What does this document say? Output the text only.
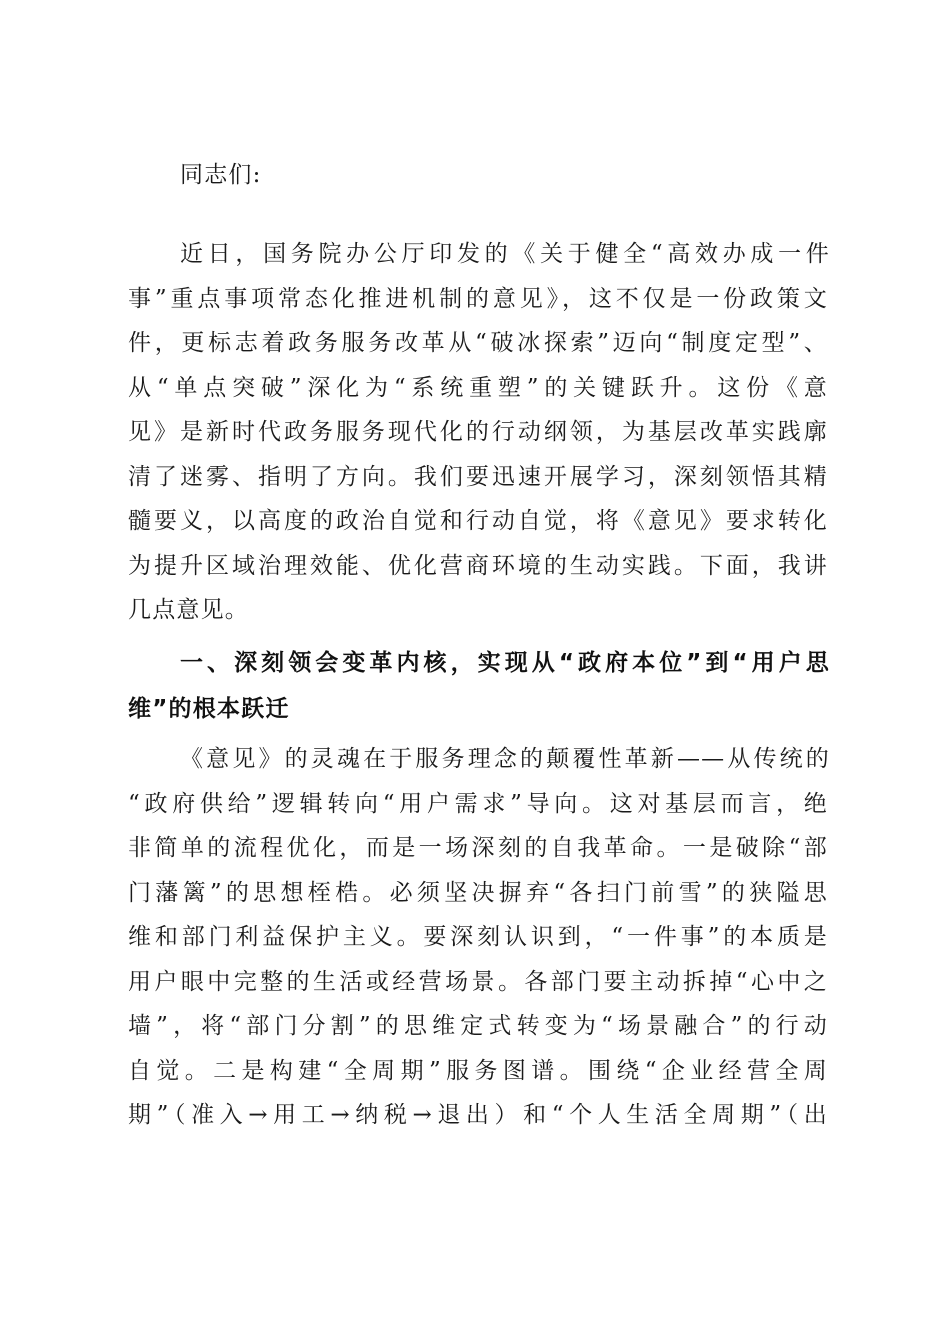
同志们:
近日，国务院办公厅印发的《关于健全“高效办成一件
事”重点事项常态化推进机制的意见》，这不仅是一份政策文
件，更标志着政务服务改革从“破冰探索”迈向“制度定型”、
从“单点突破”深化为“系统重塑”的关键跃升。这份《意
见》是新时代政务服务现代化的行动纲领，为基层改革实践廓
清了迷雾、指明了方向。我们要迅速开展学习，深刻领悟其精
髓要义，以高度的政治自觉和行动自觉，将《意见》要求转化
为提升区域治理效能、优化营商环境的生动实践。下面，我讲
几点意见。
一、深刻领会变革内核，实现从“政府本位”到“用户思
维”的根本跃迁
《意见》的灵魂在于服务理念的颠覆性革新——从传统的
“政府供给”逻辑转向“用户需求”导向。这对基层而言，绝
非简单的流程优化，而是一场深刻的自我革命。一是破除“部
门藩篱”的思想桎梏。必须坚决摒弃“各扫门前雪”的狭隘思
维和部门利益保护主义。要深刻认识到，“一件事”的本质是
用户眼中完整的生活或经营场景。各部门要主动拆掉“心中之
墙”，将“部门分割”的思维定式转变为“场景融合”的行动
自觉。二是构建“全周期”服务图谱。围绕“企业经营全周
期”（准入→用工→纳税→退出）和“个人生活全周期”（出
